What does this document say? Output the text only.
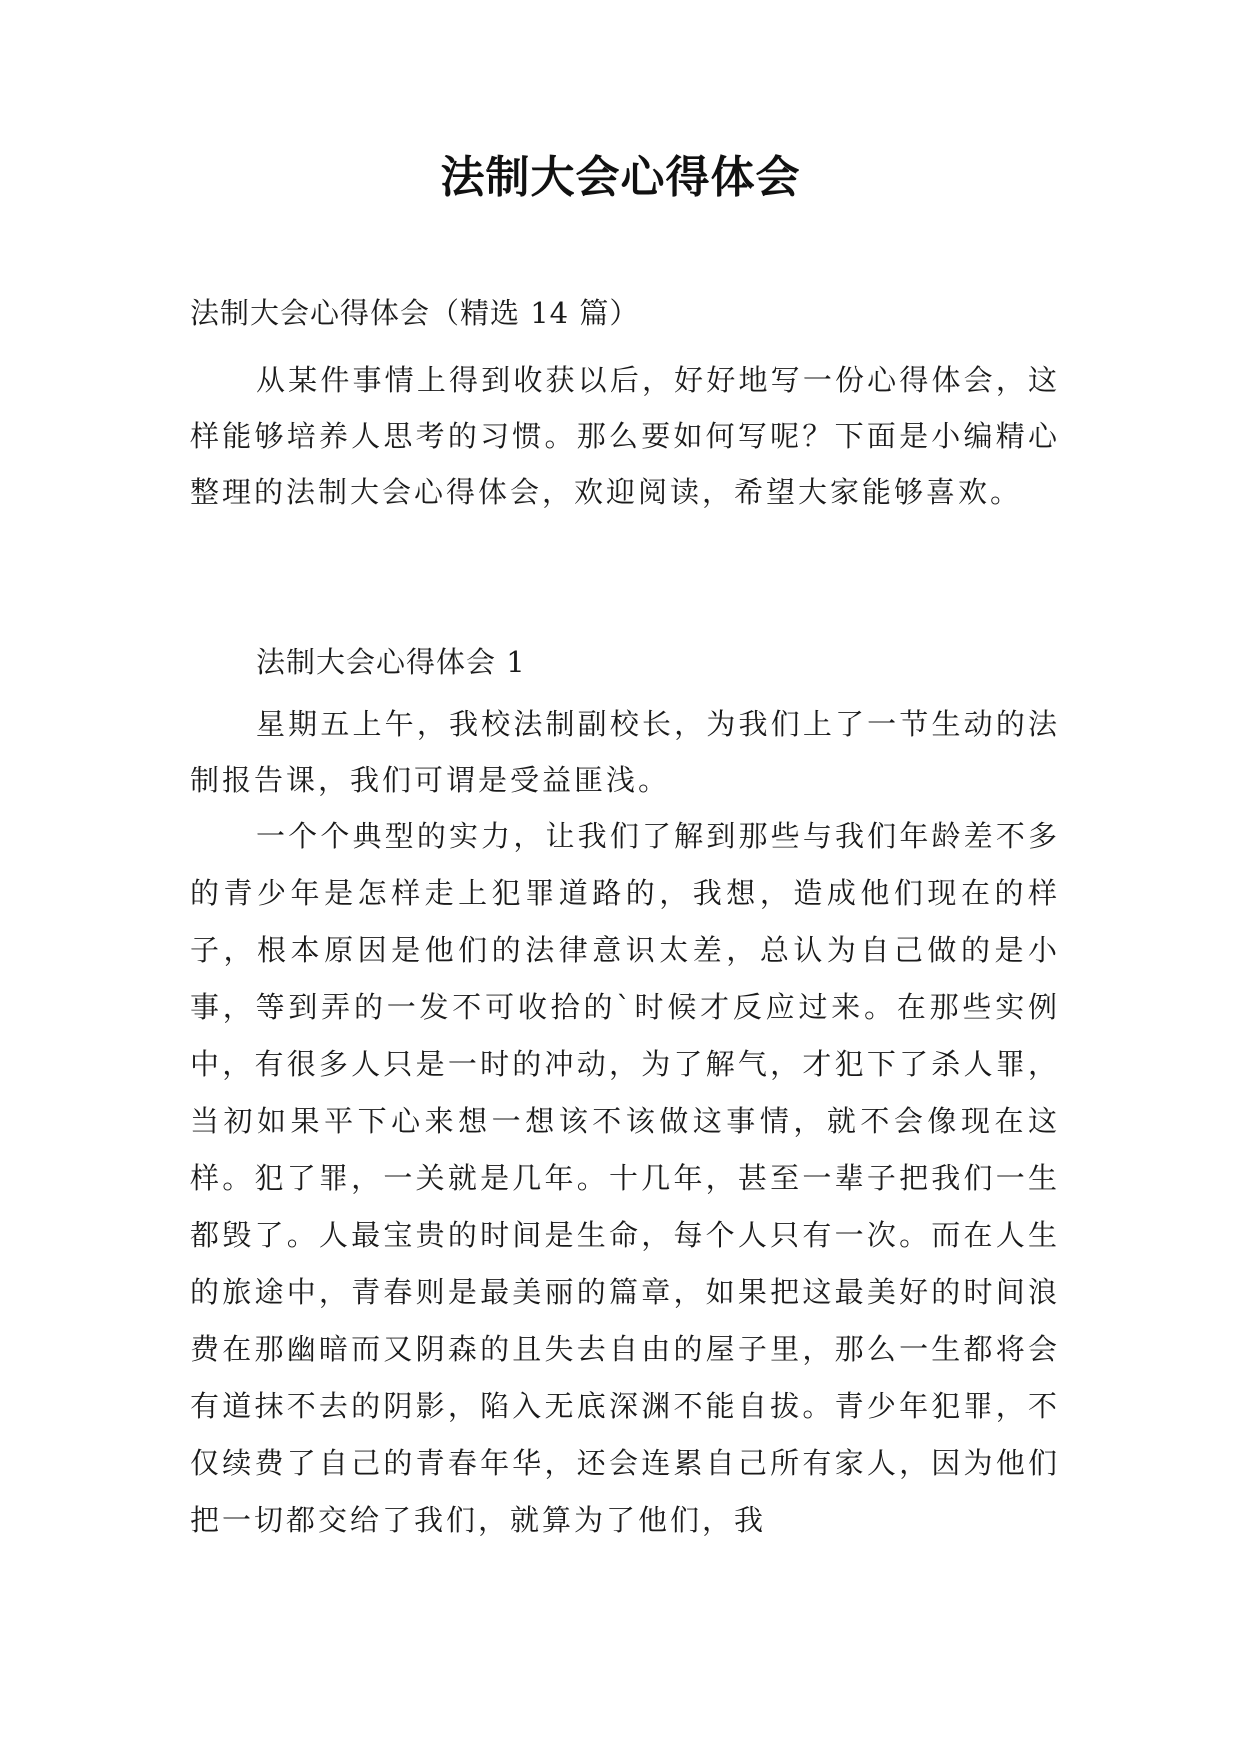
法制大会心得体会
法制大会心得体会（精选 14 篇）

从某件事情上得到收获以后，好好地写一份心得体会，这样能够培养人思考的习惯。那么要如何写呢？下面是小编精心整理的法制大会心得体会，欢迎阅读，希望大家能够喜欢。

法制大会心得体会 1

星期五上午，我校法制副校长，为我们上了一节生动的法制报告课，我们可谓是受益匪浅。

一个个典型的实力，让我们了解到那些与我们年龄差不多的青少年是怎样走上犯罪道路的，我想，造成他们现在的样子，根本原因是他们的法律意识太差，总认为自己做的是小事，等到弄的一发不可收拾的`时候才反应过来。在那些实例中，有很多人只是一时的冲动，为了解气，才犯下了杀人罪，当初如果平下心来想一想该不该做这事情，就不会像现在这样。犯了罪，一关就是几年。十几年，甚至一辈子把我们一生都毁了。人最宝贵的时间是生命，每个人只有一次。而在人生的旅途中，青春则是最美丽的篇章，如果把这最美好的时间浪费在那幽暗而又阴森的且失去自由的屋子里，那么一生都将会有道抹不去的阴影，陷入无底深渊不能自拔。青少年犯罪，不仅续费了自己的青春年华，还会连累自己所有家人，因为他们把一切都交给了我们，就算为了他们，我
